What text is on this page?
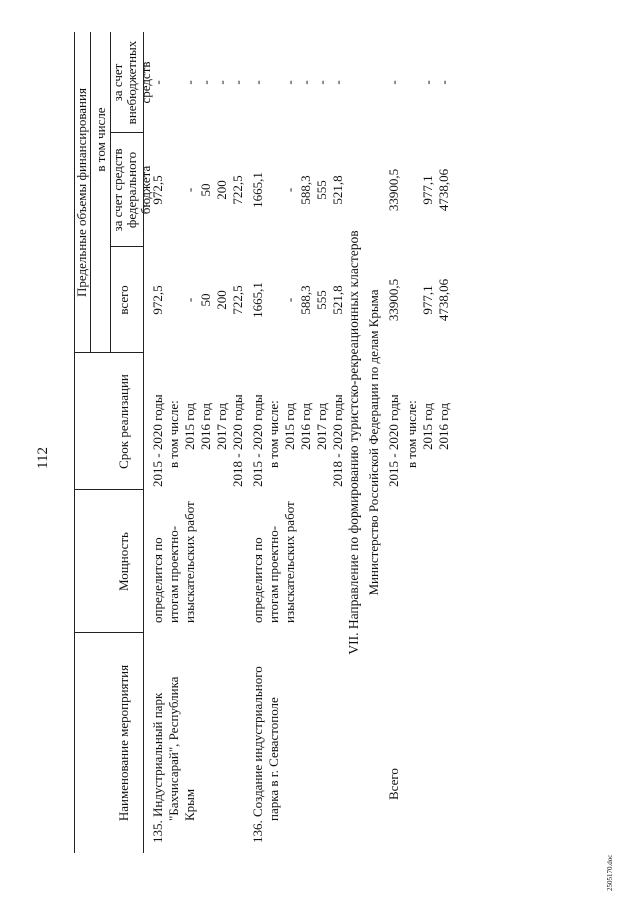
112
Наименование мероприятия
Мощность
Срок реализации
Предельные объемы финансирования в том числе
всего
за счет средств федерального бюджета
за счет внебюджетных средств
135. Индустриальный парк "Бахчисарай", Республика Крым
определится по итогам проектно- изыскательских работ
2015 - 2020 годы
972,5
972,5
-
в том числе: 2015 год
-
-
-
2016 год
50
50
-
2017 год
200
200
-
2018 - 2020 годы
722,5
722,5
-
136. Создание индустриального парка в г. Севастополе
определится по итогам проектно- изыскательских работ
2015 - 2020 годы
1665,1
1665,1
-
в том числе: 2015 год
-
-
-
2016 год
588,3
588,3
-
2017 год
555
555
-
2018 - 2020 годы
521,8
521,8
-
VII. Направление по формированию туристско-рекреационных кластеров Министерство Российской Федерации по делам Крыма
Всего
2015 - 2020 годы
33900,5
33900,5
-
в том числе: 2015 год
977,1
977,1
-
2016 год
4738,06
4738,06
-
2505170.doc
